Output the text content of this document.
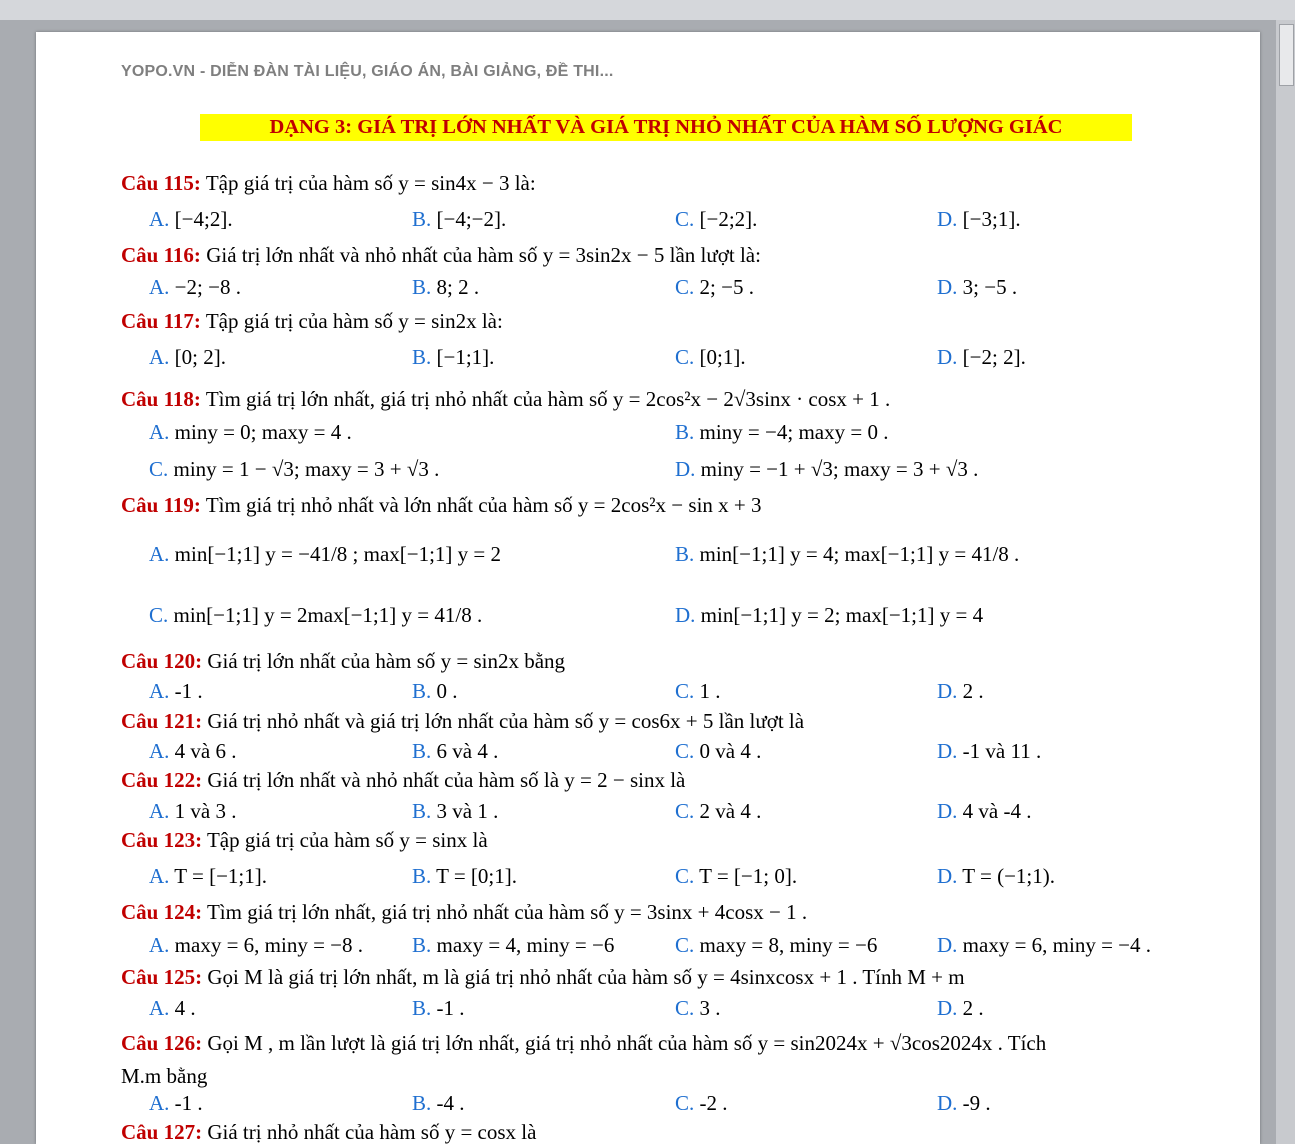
YOPO.VN - DIỄN ĐÀN TÀI LIỆU, GIÁO ÁN, BÀI GIẢNG, ĐỀ THI...
DẠNG 3: GIÁ TRỊ LỚN NHẤT VÀ GIÁ TRỊ NHỎ NHẤT CỦA HÀM SỐ LƯỢNG GIÁC
Câu 115: Tập giá trị của hàm số y = sin4x − 3 là:
A. [−4;2].	B. [−4;−2].	C. [−2;2].	D. [−3;1].
Câu 116: Giá trị lớn nhất và nhỏ nhất của hàm số y = 3sin2x − 5 lần lượt là:
A. −2; −8 .	B. 8; 2 .	C. 2; −5 .	D. 3; −5 .
Câu 117: Tập giá trị của hàm số y = sin2x là:
A. [0; 2].	B. [−1;1].	C. [0;1].	D. [−2; 2].
Câu 118: Tìm giá trị lớn nhất, giá trị nhỏ nhất của hàm số y = 2cos²x − 2√3sinx · cosx + 1 .
A. miny = 0; maxy = 4 .	B. miny = −4; maxy = 0 .
C. miny = 1 − √3; maxy = 3 + √3 .	D. miny = −1 + √3; maxy = 3 + √3 .
Câu 119: Tìm giá trị nhỏ nhất và lớn nhất của hàm số y = 2cos²x − sin x + 3
A. min[−1;1] y = −41/8 ; max[−1;1] y = 2	B. min[−1;1] y = 4; max[−1;1] y = 41/8 .
C. min[−1;1] y = 2max[−1;1] y = 41/8 .	D. min[−1;1] y = 2; max[−1;1] y = 4
Câu 120: Giá trị lớn nhất của hàm số y = sin2x bằng
A. -1 .	B. 0 .	C. 1 .	D. 2 .
Câu 121: Giá trị nhỏ nhất và giá trị lớn nhất của hàm số y = cos6x + 5 lần lượt là
A. 4 và 6 .	B. 6 và 4 .	C. 0 và 4 .	D. -1 và 11 .
Câu 122: Giá trị lớn nhất và nhỏ nhất của hàm số là y = 2 − sinx là
A. 1 và 3 .	B. 3 và 1 .	C. 2 và 4 .	D. 4 và -4 .
Câu 123: Tập giá trị của hàm số y = sinx là
A. T = [−1;1].	B. T = [0;1].	C. T = [−1; 0].	D. T = (−1;1).
Câu 124: Tìm giá trị lớn nhất, giá trị nhỏ nhất của hàm số y = 3sinx + 4cosx − 1 .
A. maxy = 6, miny = −8 . B. maxy = 4, miny = −6	C. maxy = 8, miny = −6	D. maxy = 6, miny = −4 .
Câu 125: Gọi M là giá trị lớn nhất, m là giá trị nhỏ nhất của hàm số y = 4sinxcosx + 1 . Tính M + m
A. 4 .	B. -1 .	C. 3 .	D. 2 .
Câu 126: Gọi M , m lần lượt là giá trị lớn nhất, giá trị nhỏ nhất của hàm số y = sin2024x + √3cos2024x . Tích
M.m bằng
A. -1 .	B. -4 .	C. -2 .	D. -9 .
Câu 127: Giá trị nhỏ nhất của hàm số y = cosx là
